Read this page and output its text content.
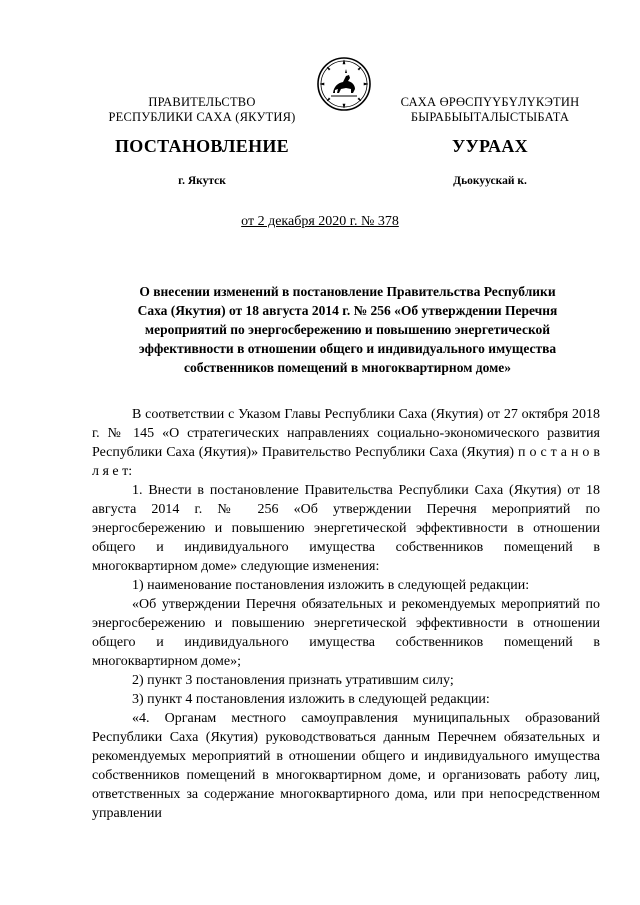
ПРАВИТЕЛЬСТВО
РЕСПУБЛИКИ САХА (ЯКУТИЯ)
САХА ӨРӨСПҮҮБҮЛҮКЭТИН
БЫРАБЫЫТАЛЫСТЫБАТА
ПОСТАНОВЛЕНИЕ	УУРААХ
г. Якутск	Дьокуускай к.
от 2 декабря 2020 г. № 378
О внесении изменений в постановление Правительства Республики
Саха (Якутия) от 18 августа 2014 г. № 256 «Об утверждении Перечня
мероприятий по энергосбережению и повышению энергетической
эффективности в отношении общего и индивидуального имущества
собственников помещений в многоквартирном доме»

В соответствии с Указом Главы Республики Саха (Якутия) от 27 октября 2018 г. № 145 «О стратегических направлениях социально-экономического развития Республики Саха (Якутия)» Правительство Республики Саха (Якутия) п о с т а н о в л я е т:

1. Внести в постановление Правительства Республики Саха (Якутия) от 18 августа 2014 г. № 256 «Об утверждении Перечня мероприятий по энергосбережению и повышению энергетической эффективности в отношении общего и индивидуального имущества собственников помещений в многоквартирном доме» следующие изменения:

1) наименование постановления изложить в следующей редакции:

«Об утверждении Перечня обязательных и рекомендуемых мероприятий по энергосбережению и повышению энергетической эффективности в отношении общего и индивидуального имущества собственников помещений в многоквартирном доме»;

2) пункт 3 постановления признать утратившим силу;

3) пункт 4 постановления изложить в следующей редакции:

«4. Органам местного самоуправления муниципальных образований Республики Саха (Якутия) руководствоваться данным Перечнем обязательных и рекомендуемых мероприятий в отношении общего и индивидуального имущества собственников помещений в многоквартирном доме, и организовать работу лиц, ответственных за содержание многоквартирного дома, или при непосредственном управлении
